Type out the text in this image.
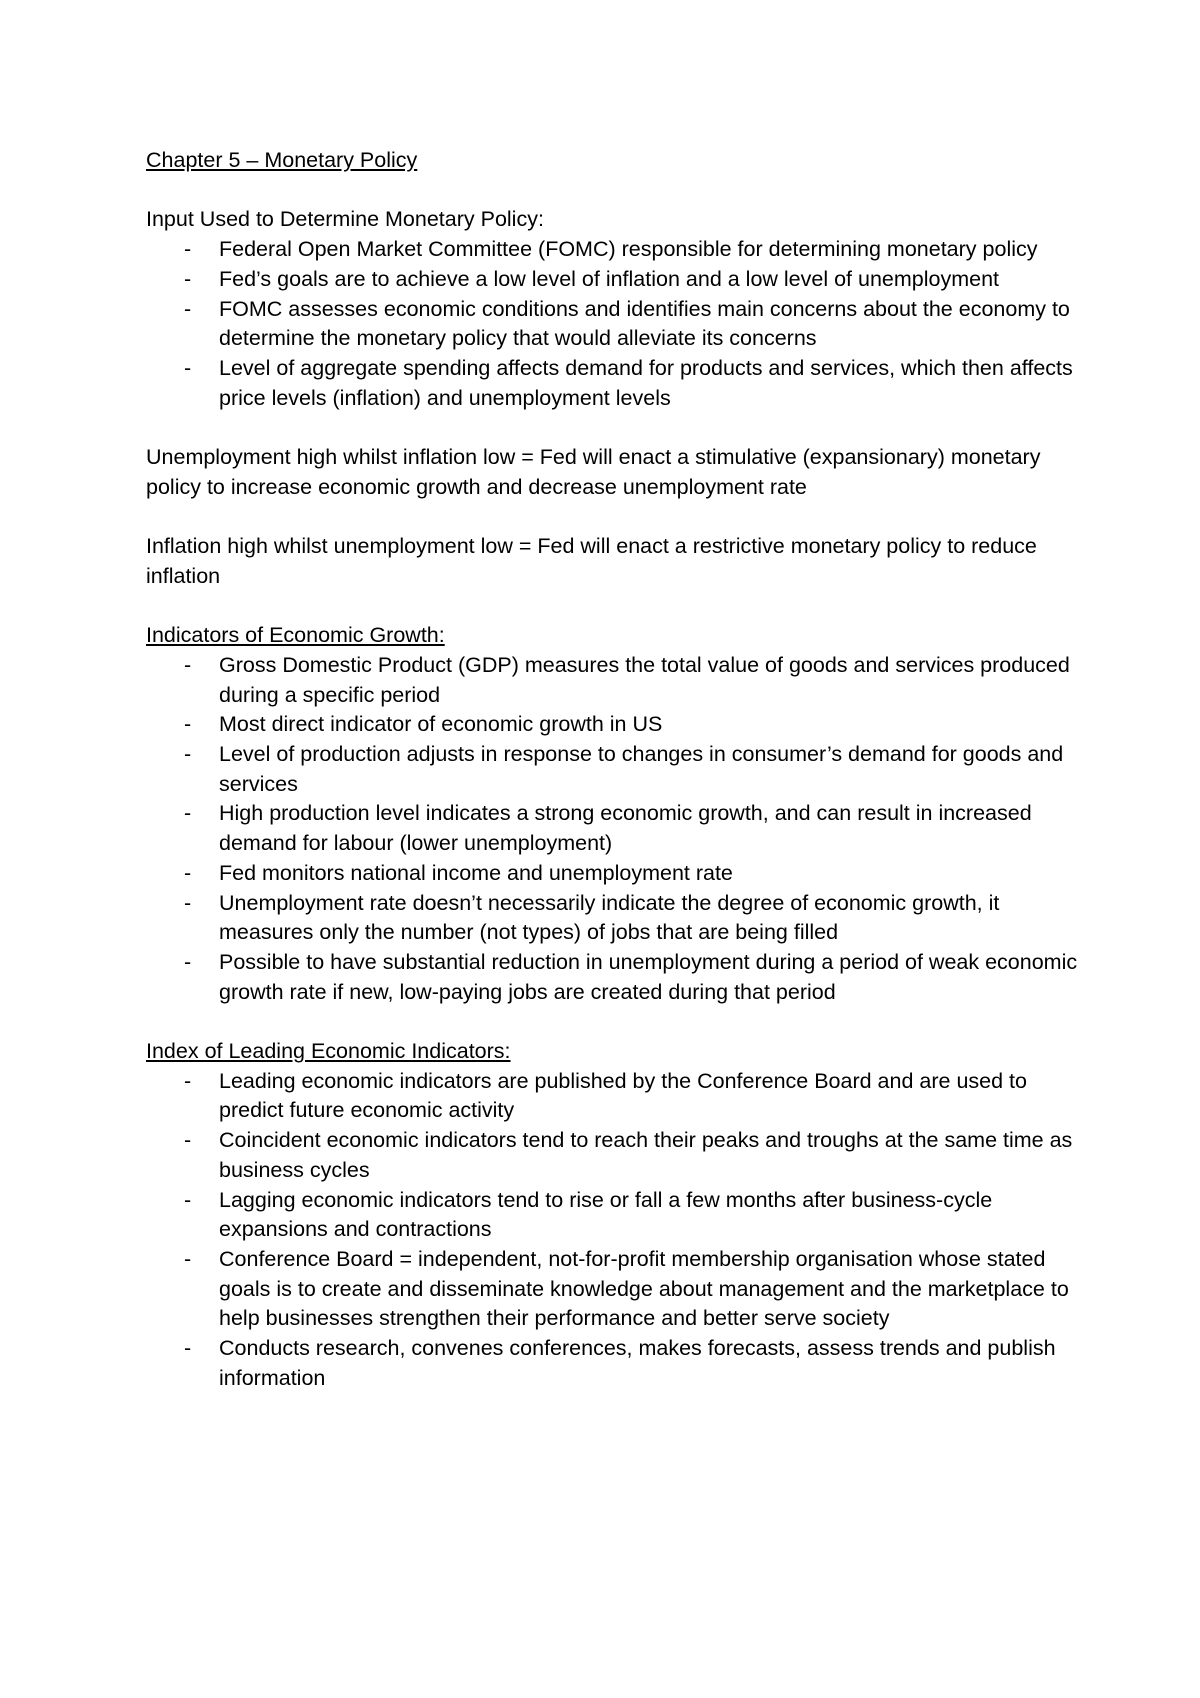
Chapter 5 – Monetary Policy

Input Used to Determine Monetary Policy:

- Federal Open Market Committee (FOMC) responsible for determining monetary policy
- Fed’s goals are to achieve a low level of inflation and a low level of unemployment
- FOMC assesses economic conditions and identifies main concerns about the economy to determine the monetary policy that would alleviate its concerns
- Level of aggregate spending affects demand for products and services, which then affects price levels (inflation) and unemployment levels

Unemployment high whilst inflation low = Fed will enact a stimulative (expansionary) monetary policy to increase economic growth and decrease unemployment rate

Inflation high whilst unemployment low = Fed will enact a restrictive monetary policy to reduce inflation

Indicators of Economic Growth:

- Gross Domestic Product (GDP) measures the total value of goods and services produced during a specific period
- Most direct indicator of economic growth in US
- Level of production adjusts in response to changes in consumer’s demand for goods and services
- High production level indicates a strong economic growth, and can result in increased demand for labour (lower unemployment)
- Fed monitors national income and unemployment rate
- Unemployment rate doesn’t necessarily indicate the degree of economic growth, it measures only the number (not types) of jobs that are being filled
- Possible to have substantial reduction in unemployment during a period of weak economic growth rate if new, low-paying jobs are created during that period

Index of Leading Economic Indicators:

- Leading economic indicators are published by the Conference Board and are used to predict future economic activity
- Coincident economic indicators tend to reach their peaks and troughs at the same time as business cycles
- Lagging economic indicators tend to rise or fall a few months after business-cycle expansions and contractions
- Conference Board = independent, not-for-profit membership organisation whose stated goals is to create and disseminate knowledge about management and the marketplace to help businesses strengthen their performance and better serve society
- Conducts research, convenes conferences, makes forecasts, assess trends and publish information
